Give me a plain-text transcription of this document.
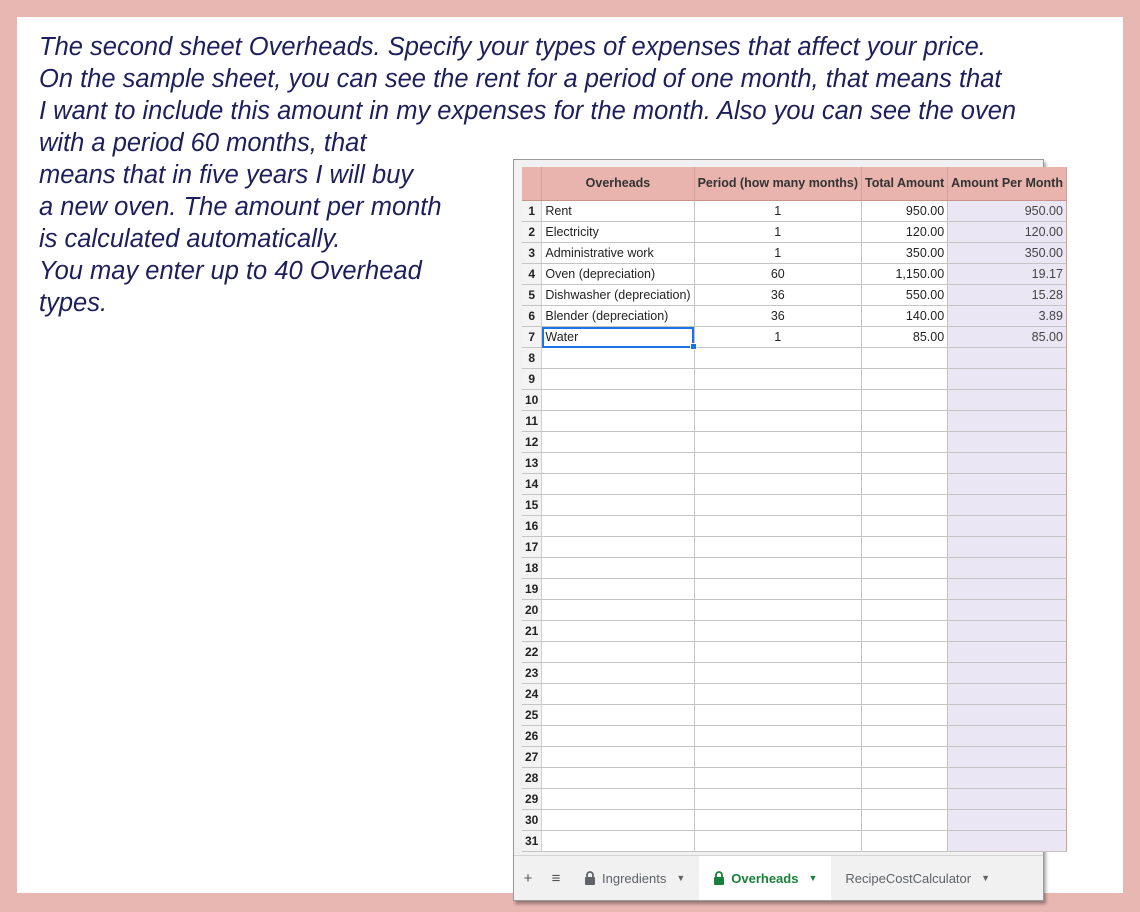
The second sheet Overheads. Specify your types of expenses that affect your price.
On the sample sheet, you can see the rent for a period of one month, that means that
I want to include this amount in my expenses for the month. Also you can see the oven
with a period 60 months, that
means that in five years I will buy
a new oven. The amount per month
is calculated automatically.
You may enter up to 40 Overhead
types.

	Overheads	Period (how many months)	Total Amount	Amount Per Month
1	Rent	1	950.00	950.00
2	Electricity	1	120.00	120.00
3	Administrative work	1	350.00	350.00
4	Oven (depreciation)	60	1,150.00	19.17
5	Dishwasher (depreciation)	36	550.00	15.28
6	Blender (depreciation)	36	140.00	3.89
7	Water	1	85.00	85.00
8				
9				
10				
11				
12				
13				
14				
15				
16				
17				
18				
19				
20				
21				
22				
23				
24				
25				
26				
27				
28				
29				
30				
31				
+	≡	Ingredients ▼	Overheads ▼ RecipeCostCalculator ▼
